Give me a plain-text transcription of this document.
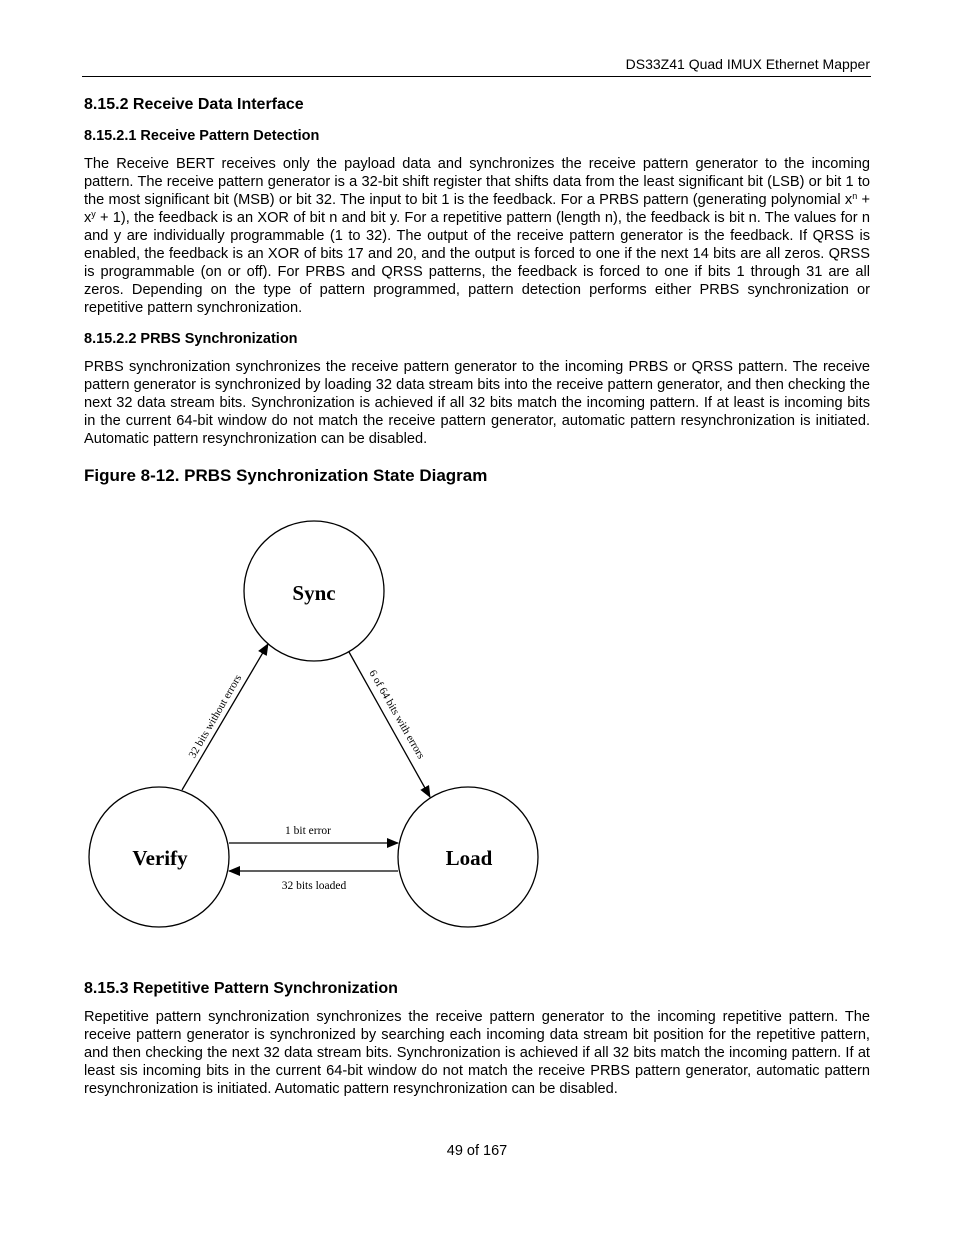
DS33Z41 Quad IMUX Ethernet Mapper
8.15.2 Receive Data Interface
8.15.2.1 Receive Pattern Detection
The Receive BERT receives only the payload data and synchronizes the receive pattern generator to the incoming pattern. The receive pattern generator is a 32-bit shift register that shifts data from the least significant bit (LSB) or bit 1 to the most significant bit (MSB) or bit 32. The input to bit 1 is the feedback. For a PRBS pattern (generating polynomial $x^n + x^y + 1$), the feedback is an XOR of bit n and bit y. For a repetitive pattern (length n), the feedback is bit n. The values for n and y are individually programmable (1 to 32). The output of the receive pattern generator is the feedback. If QRSS is enabled, the feedback is an XOR of bits 17 and 20, and the output is forced to one if the next 14 bits are all zeros. QRSS is programmable (on or off). For PRBS and QRSS patterns, the feedback is forced to one if bits 1 through 31 are all zeros. Depending on the type of pattern programmed, pattern detection performs either PRBS synchronization or repetitive pattern synchronization.
8.15.2.2 PRBS Synchronization
PRBS synchronization synchronizes the receive pattern generator to the incoming PRBS or QRSS pattern. The receive pattern generator is synchronized by loading 32 data stream bits into the receive pattern generator, and then checking the next 32 data stream bits. Synchronization is achieved if all 32 bits match the incoming pattern. If at least is incoming bits in the current 64-bit window do not match the receive pattern generator, automatic pattern resynchronization is initiated. Automatic pattern resynchronization can be disabled.
Figure 8-12. PRBS Synchronization State Diagram
Sync
Verify	Load
32 bits without errors	6 of 64 bits with errors
1 bit error
32 bits loaded
8.15.3 Repetitive Pattern Synchronization
Repetitive pattern synchronization synchronizes the receive pattern generator to the incoming repetitive pattern. The receive pattern generator is synchronized by searching each incoming data stream bit position for the repetitive pattern, and then checking the next 32 data stream bits. Synchronization is achieved if all 32 bits match the incoming pattern. If at least sis incoming bits in the current 64-bit window do not match the receive PRBS pattern generator, automatic pattern resynchronization is initiated. Automatic pattern resynchronization can be disabled.
49 of 167
